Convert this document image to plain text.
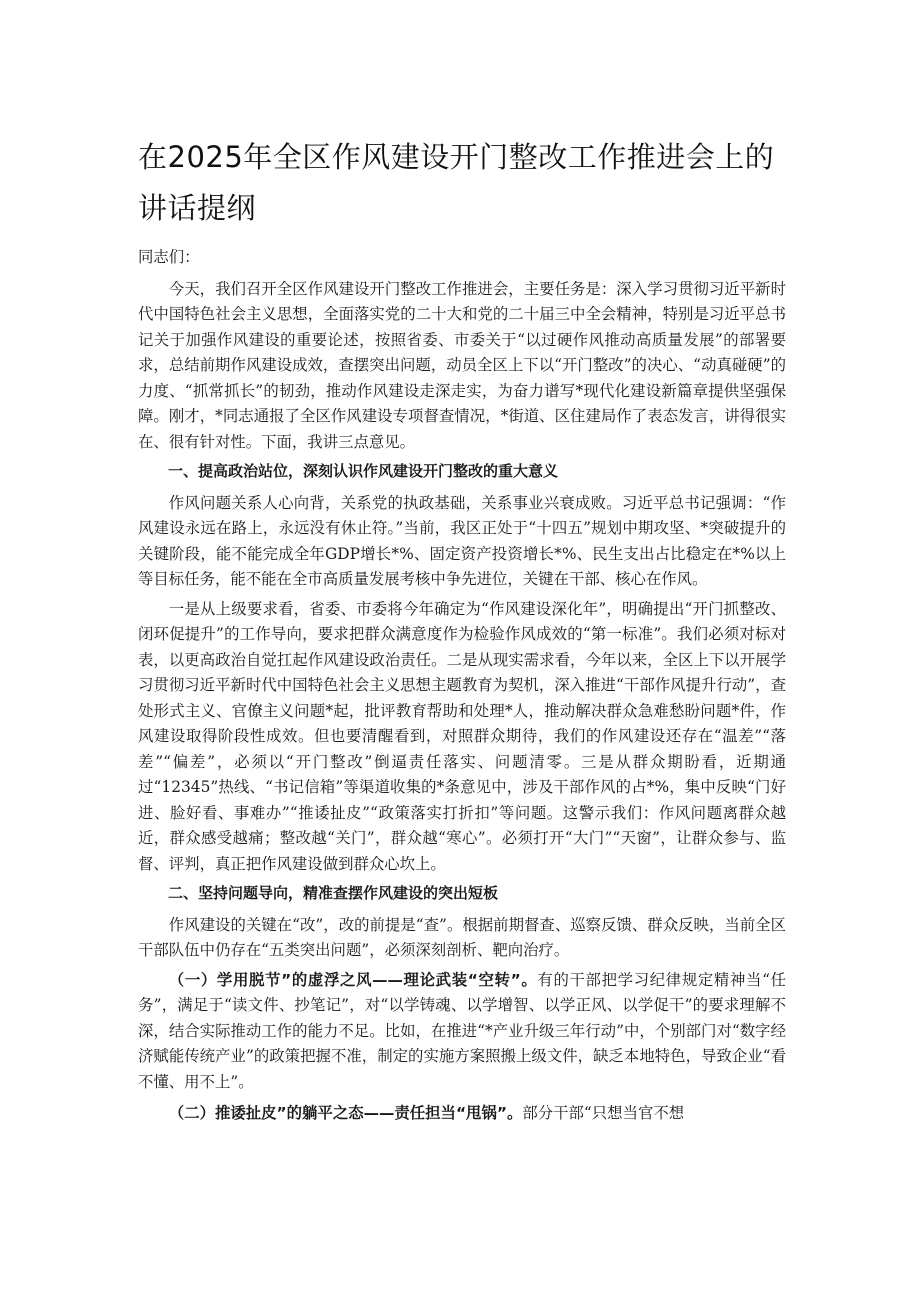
在2025年全区作风建设开门整改工作推进会上的讲话提纲

同志们：

今天，我们召开全区作风建设开门整改工作推进会，主要任务是：深入学习贯彻习近平新时代中国特色社会主义思想，全面落实党的二十大和党的二十届三中全会精神，特别是习近平总书记关于加强作风建设的重要论述，按照省委、市委关于“以过硬作风推动高质量发展”的部署要求，总结前期作风建设成效，查摆突出问题，动员全区上下以“开门整改”的决心、“动真碰硬”的力度、“抓常抓长”的韧劲，推动作风建设走深走实，为奋力谱写*现代化建设新篇章提供坚强保障。刚才，*同志通报了全区作风建设专项督查情况，*街道、区住建局作了表态发言，讲得很实在、很有针对性。下面，我讲三点意见。

一、提高政治站位，深刻认识作风建设开门整改的重大意义

作风问题关系人心向背，关系党的执政基础，关系事业兴衰成败。习近平总书记强调：“作风建设永远在路上，永远没有休止符。”当前，我区正处于“十四五”规划中期攻坚、*突破提升的关键阶段，能不能完成全年GDP增长*%、固定资产投资增长*%、民生支出占比稳定在*%以上等目标任务，能不能在全市高质量发展考核中争先进位，关键在干部、核心在作风。

一是从上级要求看，省委、市委将今年确定为“作风建设深化年”，明确提出“开门抓整改、闭环促提升”的工作导向，要求把群众满意度作为检验作风成效的“第一标准”。我们必须对标对表，以更高政治自觉扛起作风建设政治责任。二是从现实需求看，今年以来，全区上下以开展学习贯彻习近平新时代中国特色社会主义思想主题教育为契机，深入推进“干部作风提升行动”，查处形式主义、官僚主义问题*起，批评教育帮助和处理*人，推动解决群众急难愁盼问题*件，作风建设取得阶段性成效。但也要清醒看到，对照群众期待，我们的作风建设还存在“温差”“落差”“偏差”，必须以“开门整改”倒逼责任落实、问题清零。三是从群众期盼看，近期通过“12345”热线、“书记信箱”等渠道收集的*条意见中，涉及干部作风的占*%，集中反映“门好进、脸好看、事难办”“推诿扯皮”“政策落实打折扣”等问题。这警示我们：作风问题离群众越近，群众感受越痛；整改越“关门”，群众越“寒心”。必须打开“大门”“天窗”，让群众参与、监督、评判，真正把作风建设做到群众心坎上。

二、坚持问题导向，精准查摆作风建设的突出短板

作风建设的关键在“改”，改的前提是“查”。根据前期督查、巡察反馈、群众反映，当前全区干部队伍中仍存在“五类突出问题”，必须深刻剖析、靶向治疗。

（一）学用脱节”的虚浮之风——理论武装“空转”。有的干部把学习纪律规定精神当“任务”，满足于“读文件、抄笔记”，对“以学铸魂、以学增智、以学正风、以学促干”的要求理解不深，结合实际推动工作的能力不足。比如，在推进“*产业升级三年行动”中，个别部门对“数字经济赋能传统产业”的政策把握不准，制定的实施方案照搬上级文件，缺乏本地特色，导致企业“看不懂、用不上”。

（二）推诿扯皮”的躺平之态——责任担当“甩锅”。部分干部“只想当官不想
